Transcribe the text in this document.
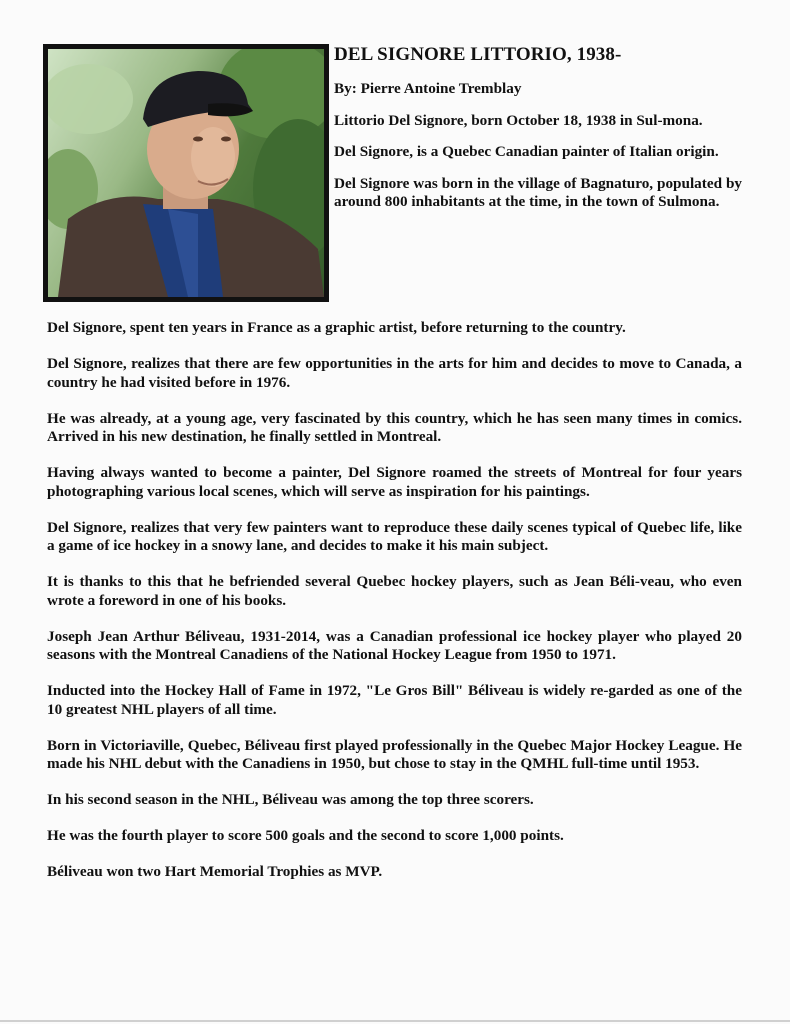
DEL SIGNORE LITTORIO, 1938-

By: Pierre Antoine Tremblay

Littorio Del Signore, born October 18, 1938 in Sul-mona.

Del Signore, is a Quebec Canadian painter of Italian origin.

Del Signore was born in the village of Bagnaturo, populated by around 800 inhabitants at the time, in the town of Sulmona.

Del Signore, spent ten years in France as a graphic artist, before returning to the country.

Del Signore, realizes that there are few opportunities in the arts for him and decides to move to Canada, a country he had visited before in 1976.

He was already, at a young age, very fascinated by this country, which he has seen many times in comics. Arrived in his new destination, he finally settled in Montreal.

Having always wanted to become a painter, Del Signore roamed the streets of Montreal for four years photographing various local scenes, which will serve as inspiration for his paintings.

Del Signore, realizes that very few painters want to reproduce these daily scenes typical of Quebec life, like a game of ice hockey in a snowy lane, and decides to make it his main subject.

It is thanks to this that he befriended several Quebec hockey players, such as Jean Béli-veau, who even wrote a foreword in one of his books.

Joseph Jean Arthur Béliveau, 1931-2014, was a Canadian professional ice hockey player who played 20 seasons with the Montreal Canadiens of the National Hockey League from 1950 to 1971.

Inducted into the Hockey Hall of Fame in 1972, "Le Gros Bill" Béliveau is widely re-garded as one of the 10 greatest NHL players of all time.

Born in Victoriaville, Quebec, Béliveau first played professionally in the Quebec Major Hockey League. He made his NHL debut with the Canadiens in 1950, but chose to stay in the QMHL full-time until 1953.

In his second season in the NHL, Béliveau was among the top three scorers.

He was the fourth player to score 500 goals and the second to score 1,000 points.

Béliveau won two Hart Memorial Trophies as MVP.
